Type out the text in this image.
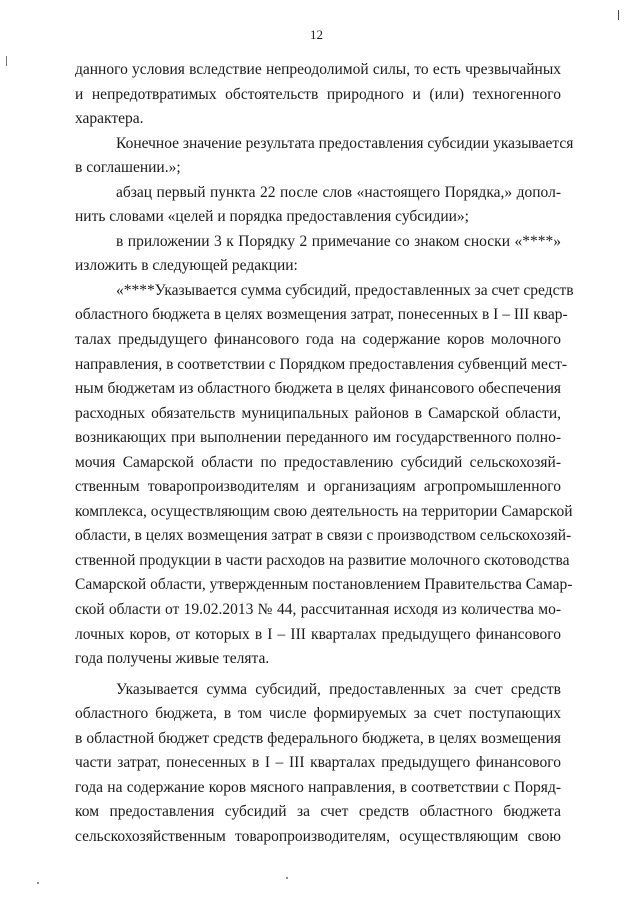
12
данного условия вследствие непреодолимой силы, то есть чрезвычайных
и непредотвратимых обстоятельств природного и (или) техногенного
характера.
Конечное значение результата предоставления субсидии указывается
в соглашении.»;
абзац первый пункта 22 после слов «настоящего Порядка,» допол-
нить словами «целей и порядка предоставления субсидии»;
в приложении 3 к Порядку 2 примечание со знаком сноски «****»
изложить в следующей редакции:
«****Указывается сумма субсидий, предоставленных за счет средств
областного бюджета в целях возмещения затрат, понесенных в I – III квар-
талах предыдущего финансового года на содержание коров молочного
направления, в соответствии с Порядком предоставления субвенций мест-
ным бюджетам из областного бюджета в целях финансового обеспечения
расходных обязательств муниципальных районов в Самарской области,
возникающих при выполнении переданного им государственного полно-
мочия Самарской области по предоставлению субсидий сельскохозяй-
ственным товаропроизводителям и организациям агропромышленного
комплекса, осуществляющим свою деятельность на территории Самарской
области, в целях возмещения затрат в связи с производством сельскохозяй-
ственной продукции в части расходов на развитие молочного скотоводства
Самарской области, утвержденным постановлением Правительства Самар-
ской области от 19.02.2013 № 44, рассчитанная исходя из количества мо-
лочных коров, от которых в I – III кварталах предыдущего финансового
года получены живые телята.
Указывается сумма субсидий, предоставленных за счет средств
областного бюджета, в том числе формируемых за счет поступающих
в областной бюджет средств федерального бюджета, в целях возмещения
части затрат, понесенных в I – III кварталах предыдущего финансового
года на содержание коров мясного направления, в соответствии с Поряд-
ком предоставления субсидий за счет средств областного бюджета
сельскохозяйственным товаропроизводителям, осуществляющим свою
